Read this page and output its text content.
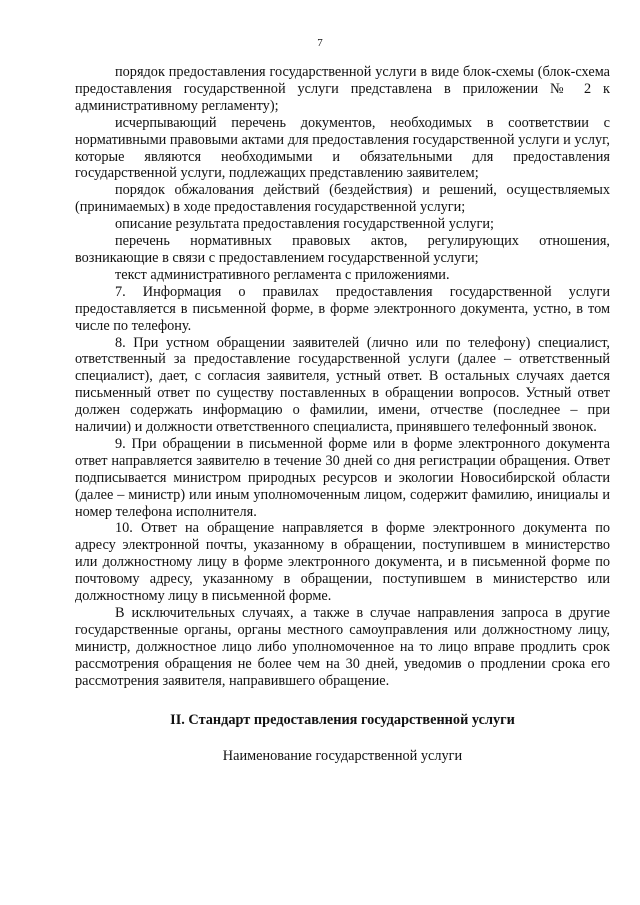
7

порядок предоставления государственной услуги в виде блок-схемы (блок-схема предоставления государственной услуги представлена в приложении № 2 к административному регламенту);

исчерпывающий перечень документов, необходимых в соответствии с нормативными правовыми актами для предоставления государственной услуги и услуг, которые являются необходимыми и обязательными для предоставления государственной услуги, подлежащих представлению заявителем;

порядок обжалования действий (бездействия) и решений, осуществляемых (принимаемых) в ходе предоставления государственной услуги;

описание результата предоставления государственной услуги;

перечень нормативных правовых актов, регулирующих отношения, возникающие в связи с предоставлением государственной услуги;

текст административного регламента с приложениями.

7. Информация о правилах предоставления государственной услуги предоставляется в письменной форме, в форме электронного документа, устно, в том числе по телефону.

8. При устном обращении заявителей (лично или по телефону) специалист, ответственный за предоставление государственной услуги (далее – ответственный специалист), дает, с согласия заявителя, устный ответ. В остальных случаях дается письменный ответ по существу поставленных в обращении вопросов. Устный ответ должен содержать информацию о фамилии, имени, отчестве (последнее – при наличии) и должности ответственного специалиста, принявшего телефонный звонок.

9. При обращении в письменной форме или в форме электронного документа ответ направляется заявителю в течение 30 дней со дня регистрации обращения. Ответ подписывается министром природных ресурсов и экологии Новосибирской области (далее – министр) или иным уполномоченным лицом, содержит фамилию, инициалы и номер телефона исполнителя.

10. Ответ на обращение направляется в форме электронного документа по адресу электронной почты, указанному в обращении, поступившем в министерство или должностному лицу в форме электронного документа, и в письменной форме по почтовому адресу, указанному в обращении, поступившем в министерство или должностному лицу в письменной форме.

В исключительных случаях, а также в случае направления запроса в другие государственные органы, органы местного самоуправления или должностному лицу, министр, должностное лицо либо уполномоченное на то лицо вправе продлить срок рассмотрения обращения не более чем на 30 дней, уведомив о продлении срока его рассмотрения заявителя, направившего обращение.

II. Стандарт предоставления государственной услуги
Наименование государственной услуги
